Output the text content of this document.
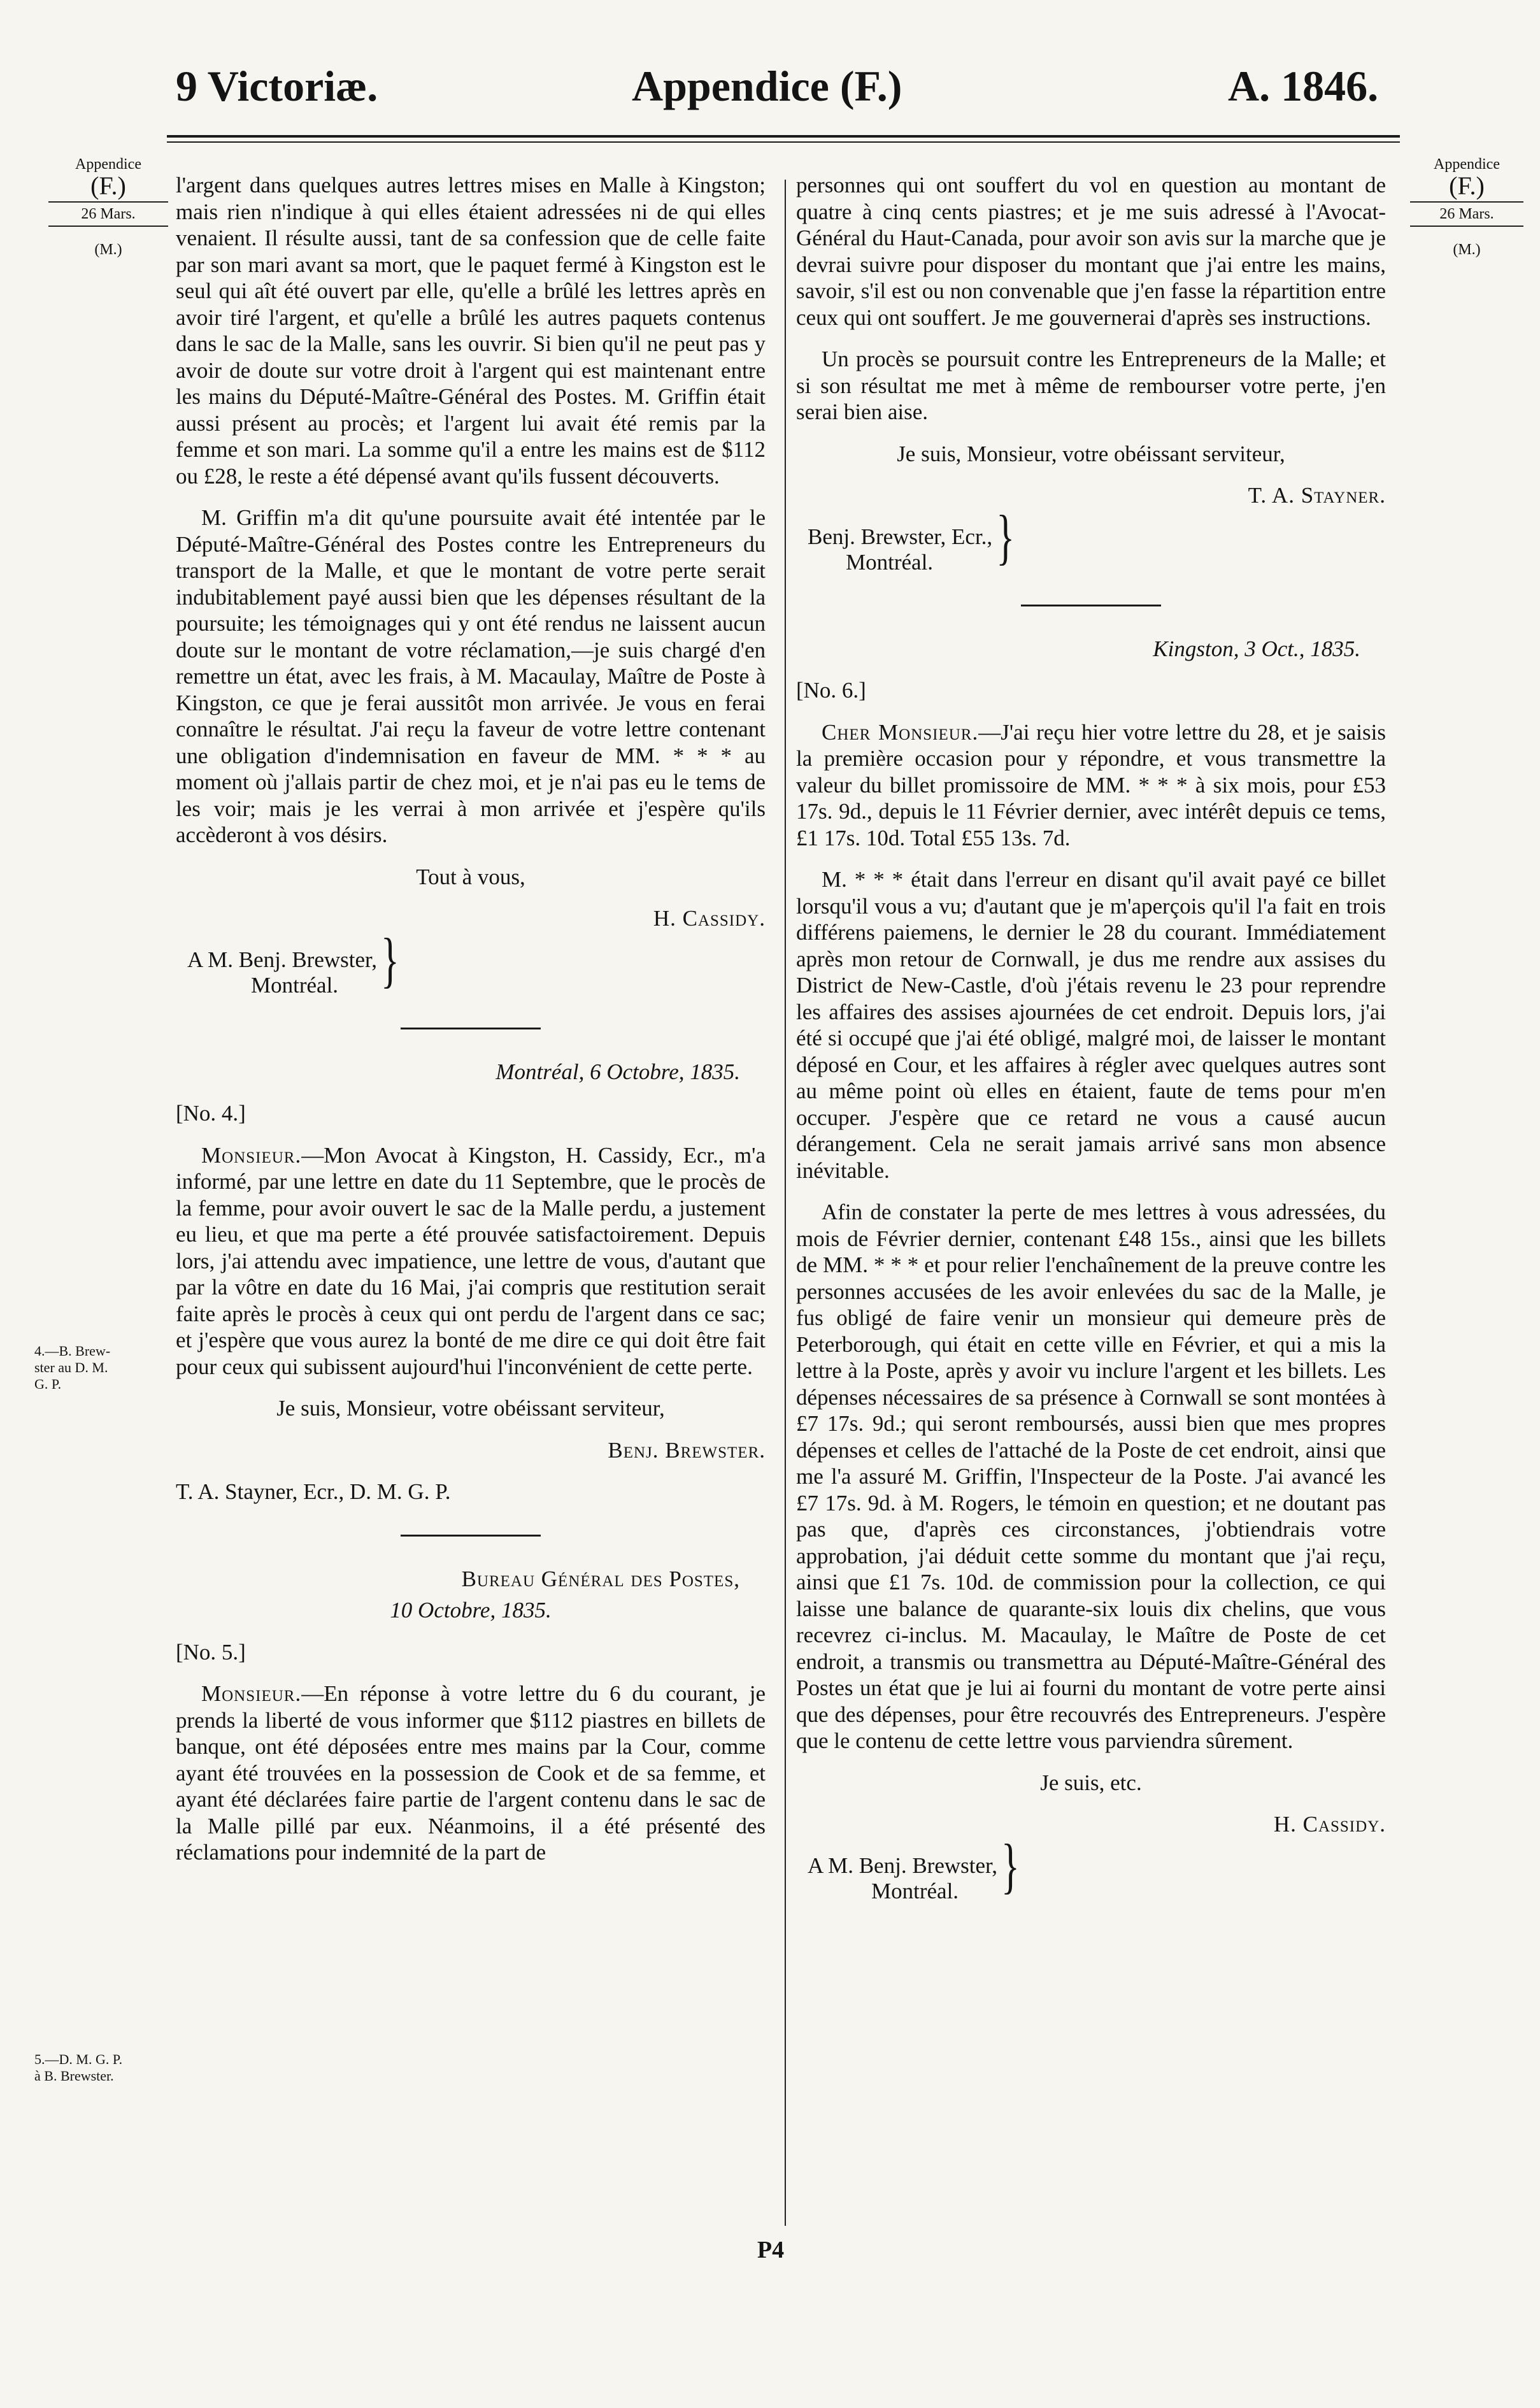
9 Victoriæ.	Appendice (F.)	A. 1846.
Appendice
(F.)
26 Mars.
(M.)
Appendice
(F.)
26 Mars.
(M.)
4.—B. Brew-
ster au D. M.
G. P.
5.—D. M. G. P.
à B. Brewster.

l'argent dans quelques autres lettres mises en Malle à Kingston; mais rien n'indique à qui elles étaient adressées ni de qui elles venaient. Il résulte aussi, tant de sa confession que de celle faite par son mari avant sa mort, que le paquet fermé à Kingston est le seul qui aît été ouvert par elle, qu'elle a brûlé les lettres après en avoir tiré l'argent, et qu'elle a brûlé les autres paquets contenus dans le sac de la Malle, sans les ouvrir. Si bien qu'il ne peut pas y avoir de doute sur votre droit à l'argent qui est maintenant entre les mains du Député-Maître-Général des Postes. M. Griffin était aussi présent au procès; et l'argent lui avait été remis par la femme et son mari. La somme qu'il a entre les mains est de $112 ou £28, le reste a été dépensé avant qu'ils fussent découverts.

M. Griffin m'a dit qu'une poursuite avait été intentée par le Député-Maître-Général des Postes contre les Entrepreneurs du transport de la Malle, et que le montant de votre perte serait indubitablement payé aussi bien que les dépenses résultant de la poursuite; les témoignages qui y ont été rendus ne laissent aucun doute sur le montant de votre réclamation,—je suis chargé d'en remettre un état, avec les frais, à M. Macaulay, Maître de Poste à Kingston, ce que je ferai aussitôt mon arrivée. Je vous en ferai connaître le résultat. J'ai reçu la faveur de votre lettre contenant une obligation d'indemnisation en faveur de MM. * * * au moment où j'allais partir de chez moi, et je n'ai pas eu le tems de les voir; mais je les verrai à mon arrivée et j'espère qu'ils accèderont à vos désirs.

Tout à vous,

H. Cassidy.

A M. Benj. Brewster,
Montréal.	}

Montréal, 6 Octobre, 1835.

[No. 4.]

Monsieur.—Mon Avocat à Kingston, H. Cassidy, Ecr., m'a informé, par une lettre en date du 11 Septembre, que le procès de la femme, pour avoir ouvert le sac de la Malle perdu, a justement eu lieu, et que ma perte a été prouvée satisfactoirement. Depuis lors, j'ai attendu avec impatience, une lettre de vous, d'autant que par la vôtre en date du 16 Mai, j'ai compris que restitution serait faite après le procès à ceux qui ont perdu de l'argent dans ce sac; et j'espère que vous aurez la bonté de me dire ce qui doit être fait pour ceux qui subissent aujourd'hui l'inconvénient de cette perte.

Je suis, Monsieur, votre obéissant serviteur,

Benj. Brewster.

T. A. Stayner, Ecr., D. M. G. P.

Bureau Général des Postes,

10 Octobre, 1835.

[No. 5.]

Monsieur.—En réponse à votre lettre du 6 du courant, je prends la liberté de vous informer que $112 piastres en billets de banque, ont été déposées entre mes mains par la Cour, comme ayant été trouvées en la possession de Cook et de sa femme, et ayant été déclarées faire partie de l'argent contenu dans le sac de la Malle pillé par eux. Néanmoins, il a été présenté des réclamations pour indemnité de la part de

personnes qui ont souffert du vol en question au montant de quatre à cinq cents piastres; et je me suis adressé à l'Avocat-Général du Haut-Canada, pour avoir son avis sur la marche que je devrai suivre pour disposer du montant que j'ai entre les mains, savoir, s'il est ou non convenable que j'en fasse la répartition entre ceux qui ont souffert. Je me gouvernerai d'après ses instructions.

Un procès se poursuit contre les Entrepreneurs de la Malle; et si son résultat me met à même de rembourser votre perte, j'en serai bien aise.

Je suis, Monsieur, votre obéissant serviteur,

T. A. Stayner.

Benj. Brewster, Ecr.,
Montréal.	}

Kingston, 3 Oct., 1835.

[No. 6.]

Cher Monsieur.—J'ai reçu hier votre lettre du 28, et je saisis la première occasion pour y répondre, et vous transmettre la valeur du billet promissoire de MM. * * * à six mois, pour £53 17s. 9d., depuis le 11 Février dernier, avec intérêt depuis ce tems, £1 17s. 10d. Total £55 13s. 7d.

M. * * * était dans l'erreur en disant qu'il avait payé ce billet lorsqu'il vous a vu; d'autant que je m'aperçois qu'il l'a fait en trois différens paiemens, le dernier le 28 du courant. Immédiatement après mon retour de Cornwall, je dus me rendre aux assises du District de New-Castle, d'où j'étais revenu le 23 pour reprendre les affaires des assises ajournées de cet endroit. Depuis lors, j'ai été si occupé que j'ai été obligé, malgré moi, de laisser le montant déposé en Cour, et les affaires à régler avec quelques autres sont au même point où elles en étaient, faute de tems pour m'en occuper. J'espère que ce retard ne vous a causé aucun dérangement. Cela ne serait jamais arrivé sans mon absence inévitable.

Afin de constater la perte de mes lettres à vous adressées, du mois de Février dernier, contenant £48 15s., ainsi que les billets de MM. * * * et pour relier l'enchaînement de la preuve contre les personnes accusées de les avoir enlevées du sac de la Malle, je fus obligé de faire venir un monsieur qui demeure près de Peterborough, qui était en cette ville en Février, et qui a mis la lettre à la Poste, après y avoir vu inclure l'argent et les billets. Les dépenses nécessaires de sa présence à Cornwall se sont montées à £7 17s. 9d.; qui seront remboursés, aussi bien que mes propres dépenses et celles de l'attaché de la Poste de cet endroit, ainsi que me l'a assuré M. Griffin, l'Inspecteur de la Poste. J'ai avancé les £7 17s. 9d. à M. Rogers, le témoin en question; et ne doutant pas pas que, d'après ces circonstances, j'obtiendrais votre approbation, j'ai déduit cette somme du montant que j'ai reçu, ainsi que £1 7s. 10d. de commission pour la collection, ce qui laisse une balance de quarante-six louis dix chelins, que vous recevrez ci-inclus. M. Macaulay, le Maître de Poste de cet endroit, a transmis ou transmettra au Député-Maître-Général des Postes un état que je lui ai fourni du montant de votre perte ainsi que des dépenses, pour être recouvrés des Entrepreneurs. J'espère que le contenu de cette lettre vous parviendra sûrement.

Je suis, etc.

H. Cassidy.

A M. Benj. Brewster,
Montréal.	}
P4
